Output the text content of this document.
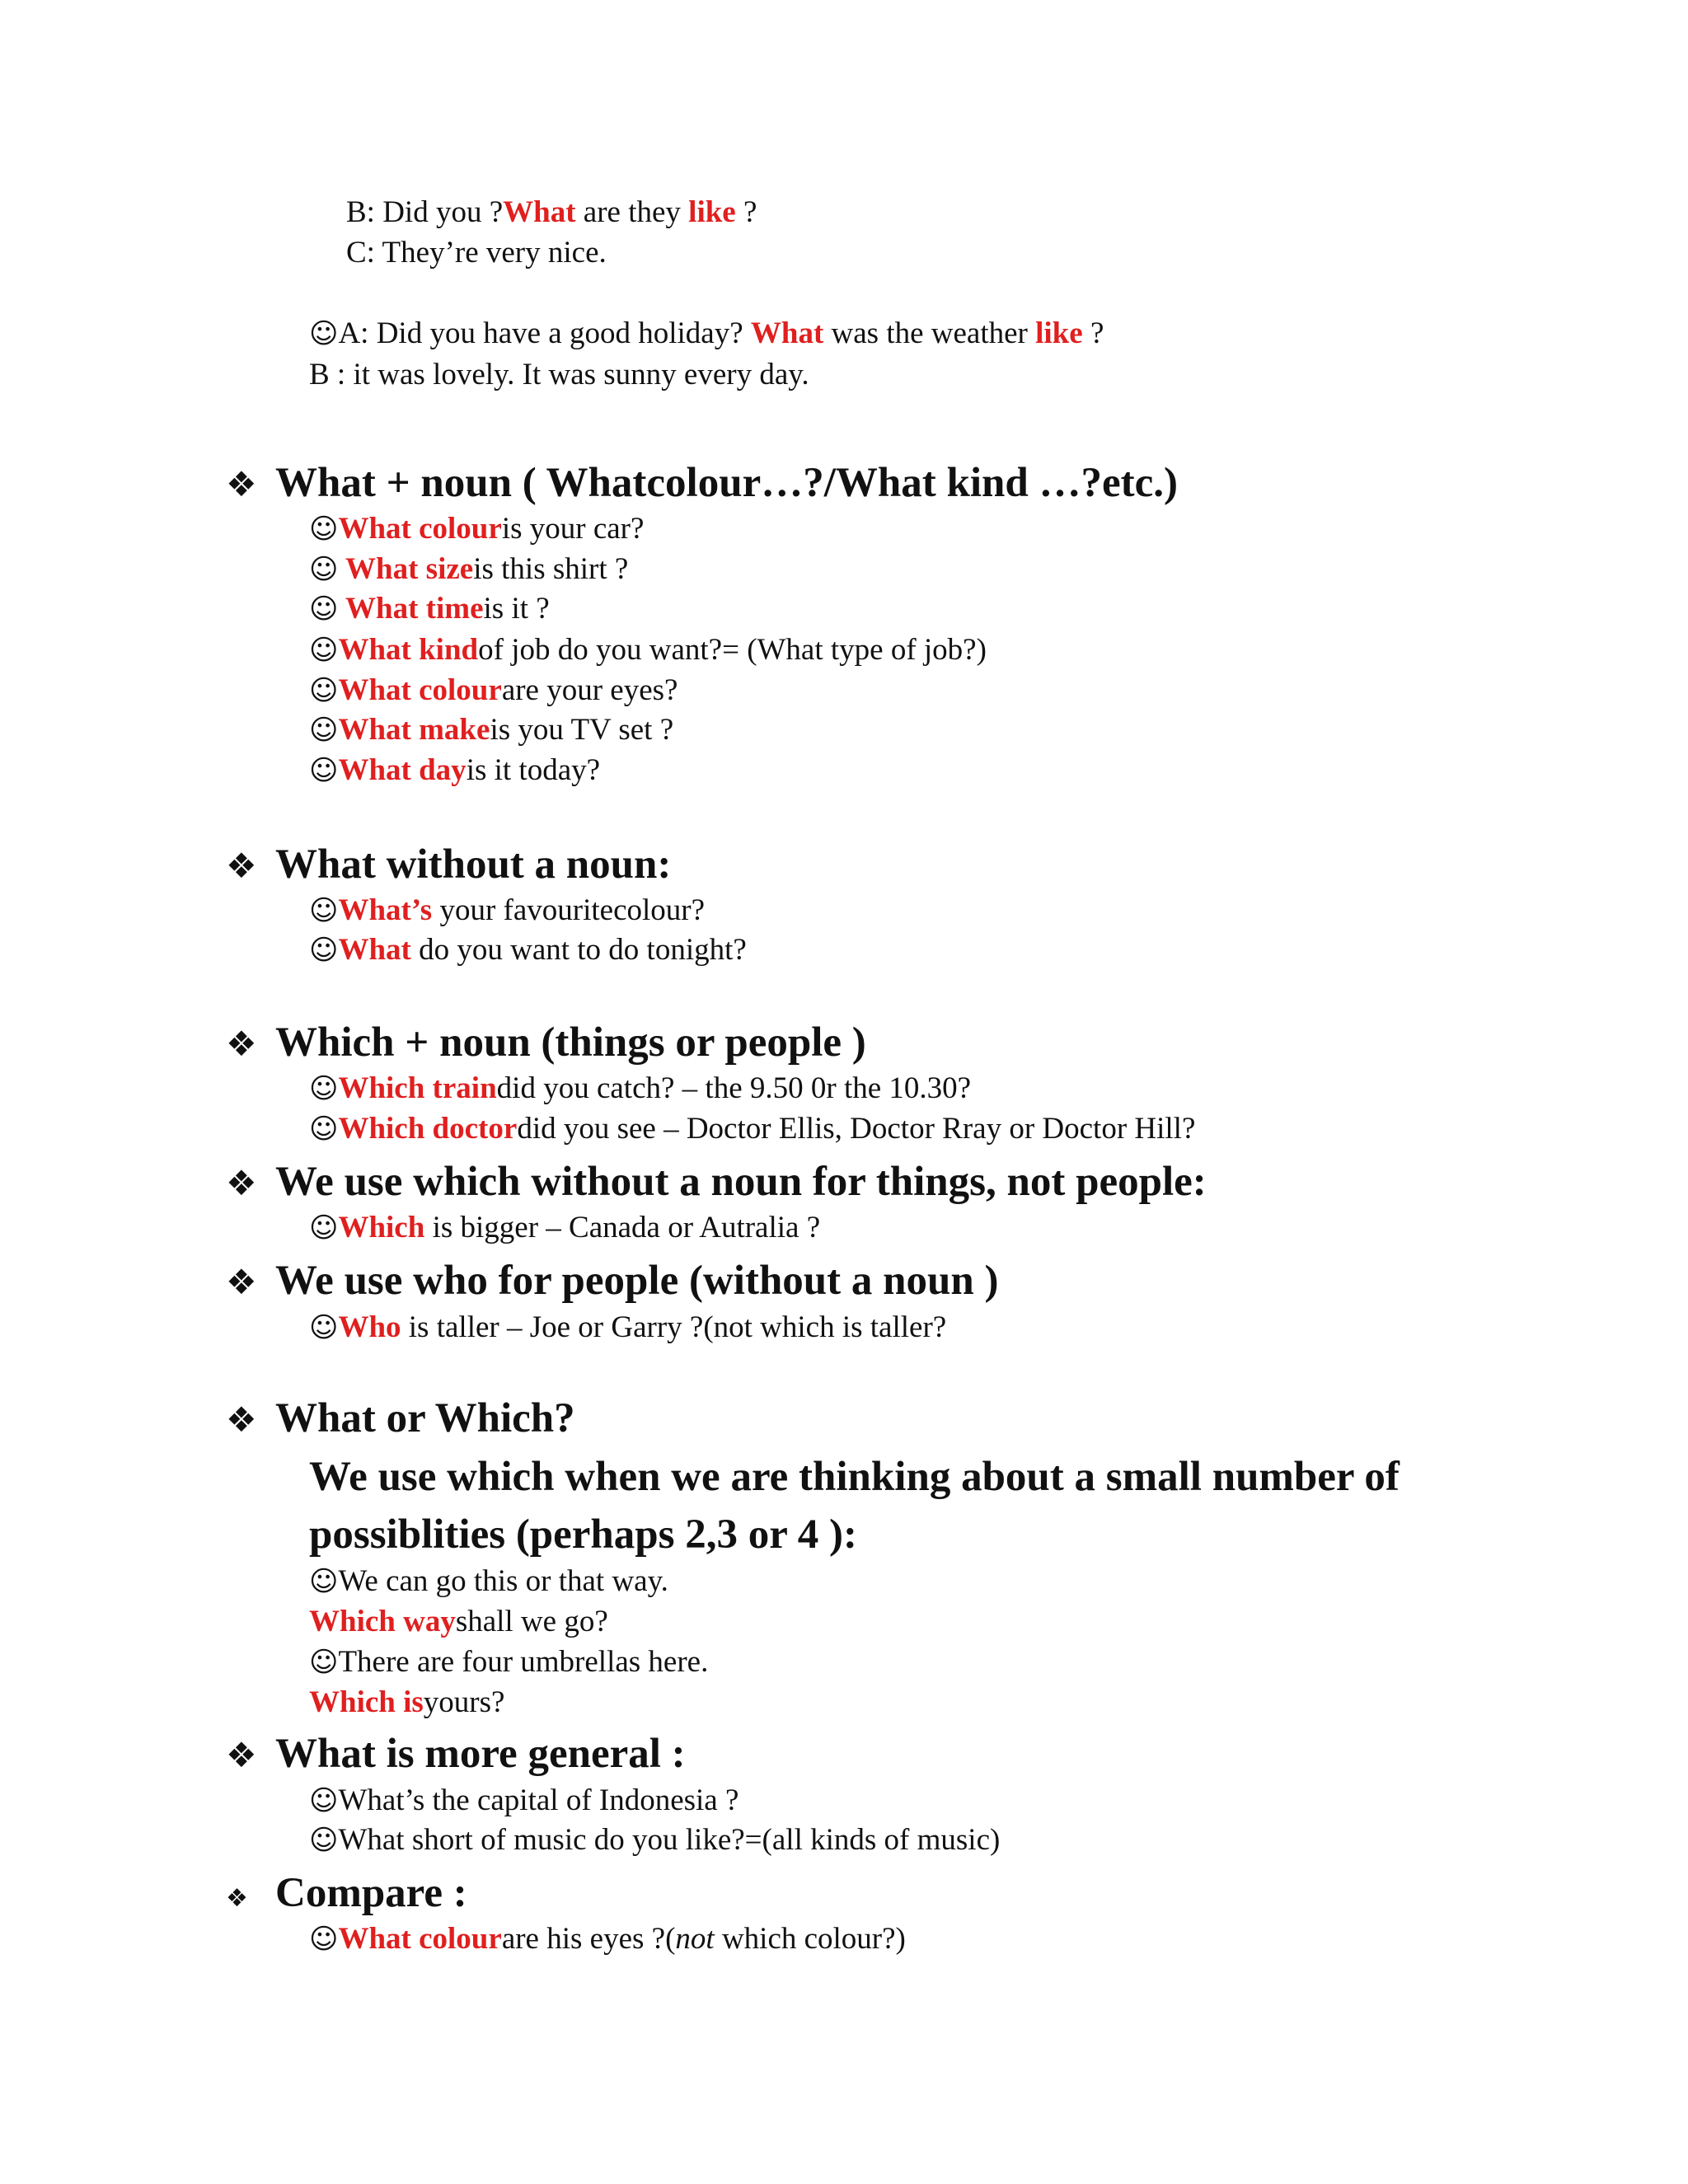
B: Did you ?What are they like ?
C: They’re very nice.
☺A: Did you have a good holiday? What was the weather like ?
B : it was lovely. It was sunny every day.
❖ What + noun ( Whatcolour…?/What kind …?etc.)
☺What colouris your car?
☺ What sizeis this shirt ?
☺ What timeis it ?
☺What kindof job do you want?= (What type of job?)
☺What colourare your eyes?
☺What makeis you TV set ?
☺What dayis it today?
❖ What without a noun:
☺What’s your favouritecolour?
☺What do you want to do tonight?
❖ Which + noun (things or people )
☺Which traindid you catch? – the 9.50 0r the 10.30?
☺Which doctordid you see – Doctor Ellis, Doctor Rray or Doctor Hill?
❖ We use which without a noun for things, not people:
☺Which is bigger – Canada or Autralia ?
❖ We use who for people (without a noun )
☺Who is taller – Joe or Garry ?(not which is taller?
❖ What or Which?
We use which when we are thinking about a small number of
possiblities (perhaps 2,3 or 4 ):
☺We can go this or that way.
Which wayshall we go?
☺There are four umbrellas here.
Which isyours?
❖ What is more general :
☺What’s the capital of Indonesia ?
☺What short of music do you like?=(all kinds of music)
❖ Compare :
☺What colourare his eyes ?(not which colour?)
